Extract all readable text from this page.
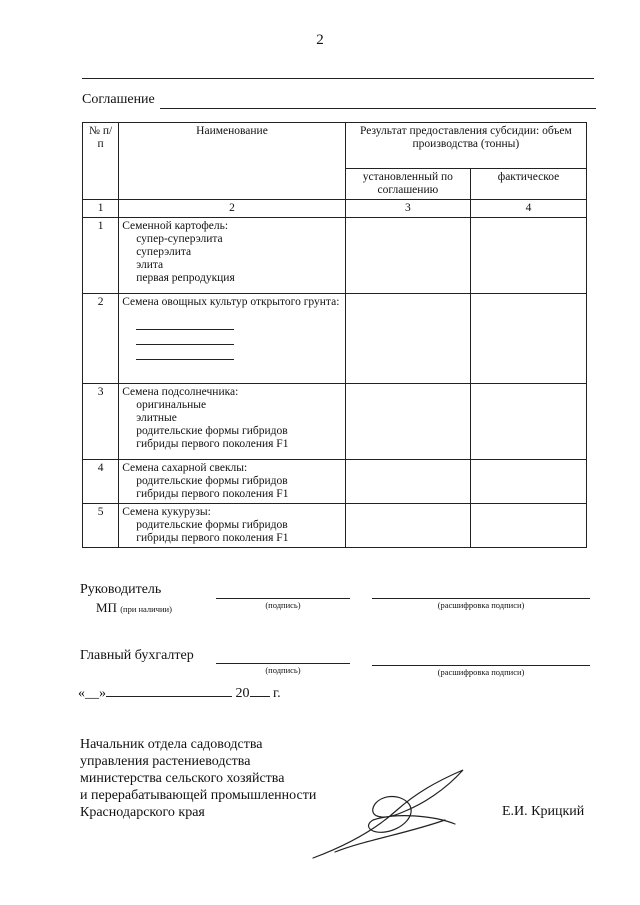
2
Соглашение
№ п/п	Наименование	Результат предоставления субсидии: объем производства (тонны)	
		установленный по соглашению	фактическое
1	2	3	4
1	Семенной картофель:
супер-суперэлита
суперэлита
элита
первая репродукция		

2	Семена овощных культур открытого грунта:

3	Семена подсолнечника:
оригинальные
элитные
родительские формы гибридов
гибриды первого поколения F1		

4	Семена сахарной свеклы:
родительские формы гибридов
гибриды первого поколения F1		

5	Семена кукурузы:
родительские формы гибридов
гибриды первого поколения F1		

Руководитель
МП (при наличии)	(подпись)	(расшифровка подписи)
Главный бухгалтер
(подпись)	(расшифровка подписи)
«__»	20 г.
Начальник отдела садоводства
управления растениеводства
министерства сельского хозяйства
и перерабатывающей промышленности
Краснодарского края	Е.И. Крицкий
